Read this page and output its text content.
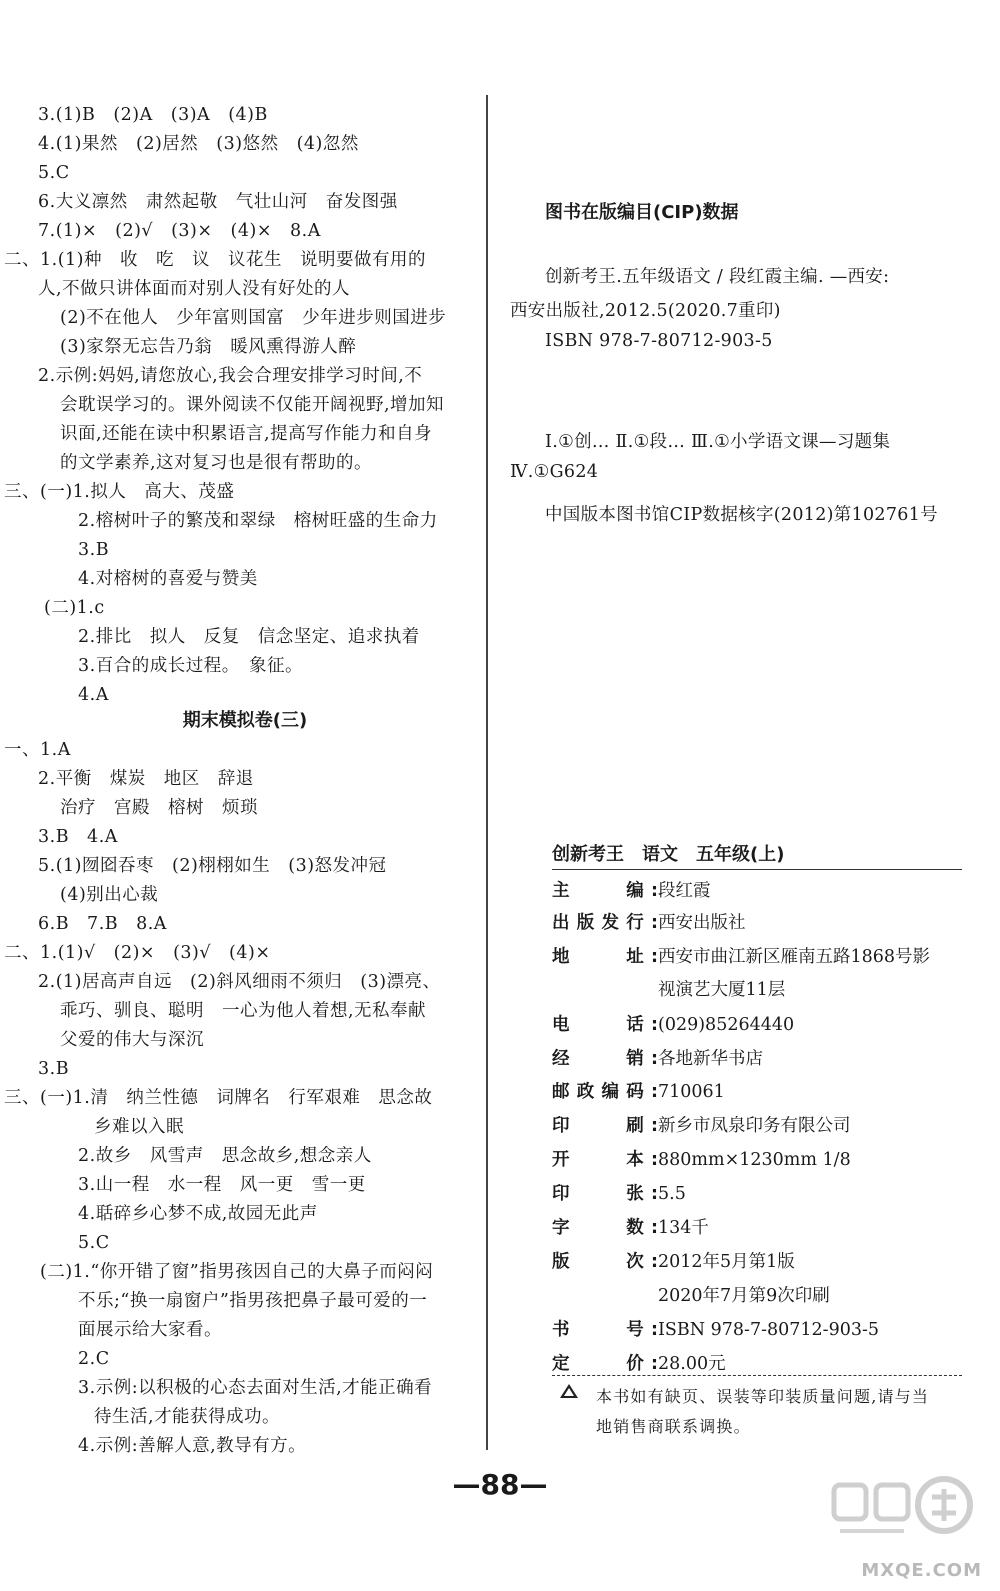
3.(1)B　(2)A　(3)A　(4)B
4.(1)果然　(2)居然　(3)悠然　(4)忽然
5.C
6.大义凛然　肃然起敬　气壮山河　奋发图强
7.(1)×　(2)√　(3)×　(4)×　8.A
二、1.(1)种　收　吃　议　议花生　说明要做有用的
人,不做只讲体面而对别人没有好处的人
(2)不在他人　少年富则国富　少年进步则国进步
(3)家祭无忘告乃翁　暖风熏得游人醉
2.示例:妈妈,请您放心,我会合理安排学习时间,不
会耽误学习的。课外阅读不仅能开阔视野,增加知
识面,还能在读中积累语言,提高写作能力和自身
的文学素养,这对复习也是很有帮助的。
三、(一)1.拟人　高大、茂盛
2.榕树叶子的繁茂和翠绿　榕树旺盛的生命力
3.B
4.对榕树的喜爱与赞美
(二)1.c
2.排比　拟人　反复　信念坚定、追求执着
3.百合的成长过程。　象征。
4.A
期末模拟卷(三)
一、1.A
2.平衡　煤炭　地区　辞退
治疗　宫殿　榕树　烦琐
3.B　4.A
5.(1)囫囵吞枣　(2)栩栩如生　(3)怒发冲冠
(4)别出心裁
6.B　7.B　8.A
二、1.(1)√　(2)×　(3)√　(4)×
2.(1)居高声自远　(2)斜风细雨不须归　(3)漂亮、
乖巧、驯良、聪明　一心为他人着想,无私奉献
父爱的伟大与深沉
3.B
三、(一)1.清　纳兰性德　词牌名　行军艰难　思念故
乡难以入眠
2.故乡　风雪声　思念故乡,想念亲人
3.山一程　水一程　风一更　雪一更
4.聒碎乡心梦不成,故园无此声
5.C
(二)1.“你开错了窗”指男孩因自己的大鼻子而闷闷
不乐;“换一扇窗户”指男孩把鼻子最可爱的一
面展示给大家看。
2.C
3.示例:以积极的心态去面对生活,才能正确看
待生活,才能获得成功。
4.示例:善解人意,教导有方。
图书在版编目(CIP)数据
创新考王.五年级语文 / 段红霞主编. —西安:
西安出版社,2012.5(2020.7重印)
ISBN 978-7-80712-903-5
Ⅰ.①创… Ⅱ.①段… Ⅲ.①小学语文课—习题集
Ⅳ.①G624
中国版本图书馆CIP数据核字(2012)第102761号
创新考王　语文　五年级(上)
主　　编:段红霞
出版发行:西安出版社
地　　址:西安市曲江新区雁南五路1868号影
视演艺大厦11层
电　　话:(029)85264440
经　　销:各地新华书店
邮政编码:710061
印　　刷:新乡市凤泉印务有限公司
开　　本:880mm×1230mm 1/8
印　　张:5.5
字　　数:134千
版　　次:2012年5月第1版
2020年7月第9次印刷
书　　号:ISBN 978-7-80712-903-5
定　　价:28.00元
本书如有缺页、误装等印装质量问题,请与当
地销售商联系调换。
—88—
MXQE.COM
